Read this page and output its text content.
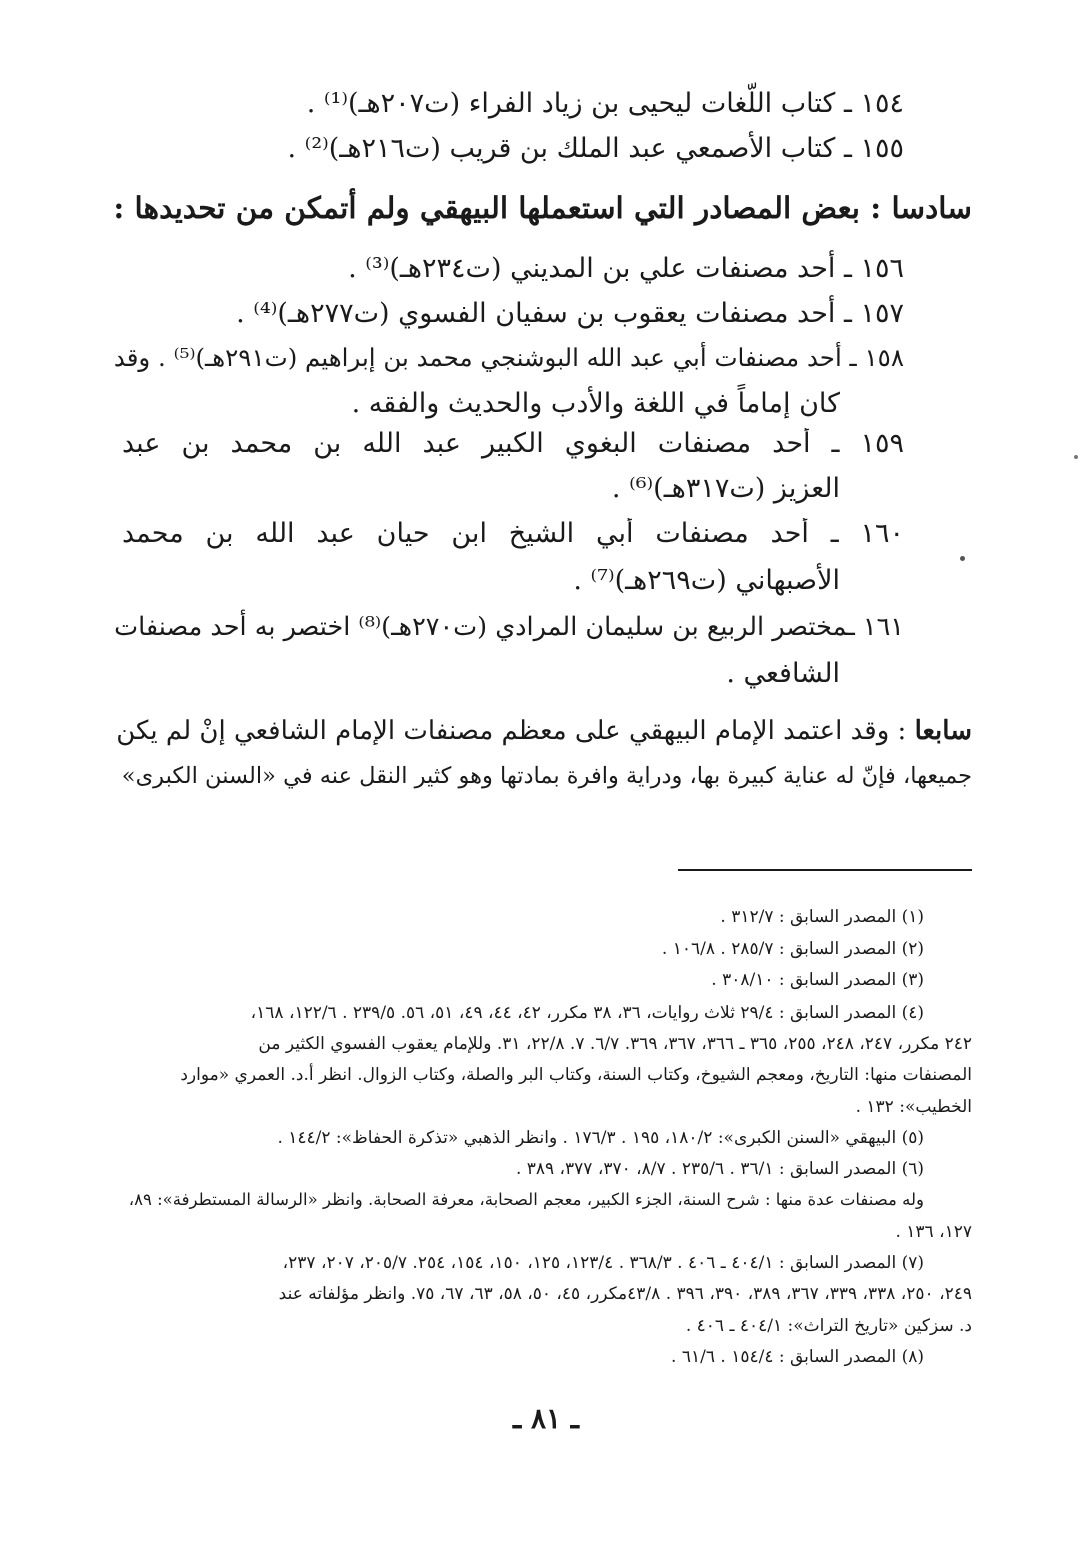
١٥٤ ـ كتاب اللّغات ليحيى بن زياد الفراء (ت٢٠٧هـ)⁽¹⁾ .
١٥٥ ـ كتاب الأصمعي عبد الملك بن قريب (ت٢١٦هـ)⁽²⁾ .
سادسا : بعض المصادر التي استعملها البيهقي ولم أتمكن من تحديدها :
١٥٦ ـ أحد مصنفات علي بن المديني (ت٢٣٤هـ)⁽³⁾ .
١٥٧ ـ أحد مصنفات يعقوب بن سفيان الفسوي (ت٢٧٧هـ)⁽⁴⁾ .
١٥٨ ـ أحد مصنفات أبي عبد الله البوشنجي محمد بن إبراهيم (ت٢٩١هـ)⁽⁵⁾ . وقد
كان إماماً في اللغة والأدب والحديث والفقه .
١٥٩ ـ أحد مصنفات البغوي الكبير عبد الله بن محمد بن عبد
العزيز (ت٣١٧هـ)⁽⁶⁾ .
١٦٠ ـ أحد مصنفات أبي الشيخ ابن حيان عبد الله بن محمد
الأصبهاني (ت٢٦٩هـ)⁽⁷⁾ .
١٦١ ـمختصر الربيع بن سليمان المرادي (ت٢٧٠هـ)⁽⁸⁾ اختصر به أحد مصنفات
الشافعي .
سابعا : وقد اعتمد الإمام البيهقي على معظم مصنفات الإمام الشافعي إنْ لم يكن
جميعها، فإنّ له عناية كبيرة بها، ودراية وافرة بمادتها وهو كثير النقل عنه في «السنن الكبرى»
(١) المصدر السابق : ٣١٢/٧ .
(٢) المصدر السابق : ٢٨٥/٧ . ١٠٦/٨ .
(٣) المصدر السابق : ٣٠٨/١٠ .
(٤) المصدر السابق : ٢٩/٤ ثلاث روايات، ٣٦، ٣٨ مكرر، ٤٢، ٤٤، ٤٩، ٥١، ٥٦. ٢٣٩/٥ . ١٢٢/٦، ١٦٨،
٢٤٢ مكرر، ٢٤٧، ٢٤٨، ٢٥٥، ٣٦٥ ـ ٣٦٦، ٣٦٧، ٣٦٩. ٦/٧. ٧. ٢٢/٨، ٣١. وللإمام يعقوب الفسوي الكثير من
المصنفات منها: التاريخ، ومعجم الشيوخ، وكتاب السنة، وكتاب البر والصلة، وكتاب الزوال. انظر أ.د. العمري «موارد
الخطيب»: ١٣٢ .
(٥) البيهقي «السنن الكبرى»: ١٨٠/٢، ١٩٥ . ١٧٦/٣ . وانظر الذهبي «تذكرة الحفاظ»: ١٤٤/٢ .
(٦) المصدر السابق : ٣٦/١ . ٢٣٥/٦ . ٨/٧، ٣٧٠، ٣٧٧، ٣٨٩ .
وله مصنفات عدة منها : شرح السنة، الجزء الكبير، معجم الصحابة، معرفة الصحابة. وانظر «الرسالة المستطرفة»: ٨٩،
١٢٧، ١٣٦ .
(٧) المصدر السابق : ٤٠٤/١ ـ ٤٠٦ . ٣٦٨/٣ . ١٢٣/٤، ١٢٥، ١٥٠، ١٥٤، ٢٥٤. ٢٠٥/٧، ٢٠٧، ٢٣٧،
٢٤٩، ٢٥٠، ٣٣٨، ٣٣٩، ٣٦٧، ٣٨٩، ٣٩٠، ٣٩٦ . ٤٣/٨مكرر، ٤٥، ٥٠، ٥٨، ٦٣، ٦٧، ٧٥. وانظر مؤلفاته عند
د. سزكين «تاريخ التراث»: ٤٠٤/١ ـ ٤٠٦ .
(٨) المصدر السابق : ١٥٤/٤ . ٦١/٦ .
ـ ٨١ ـ
